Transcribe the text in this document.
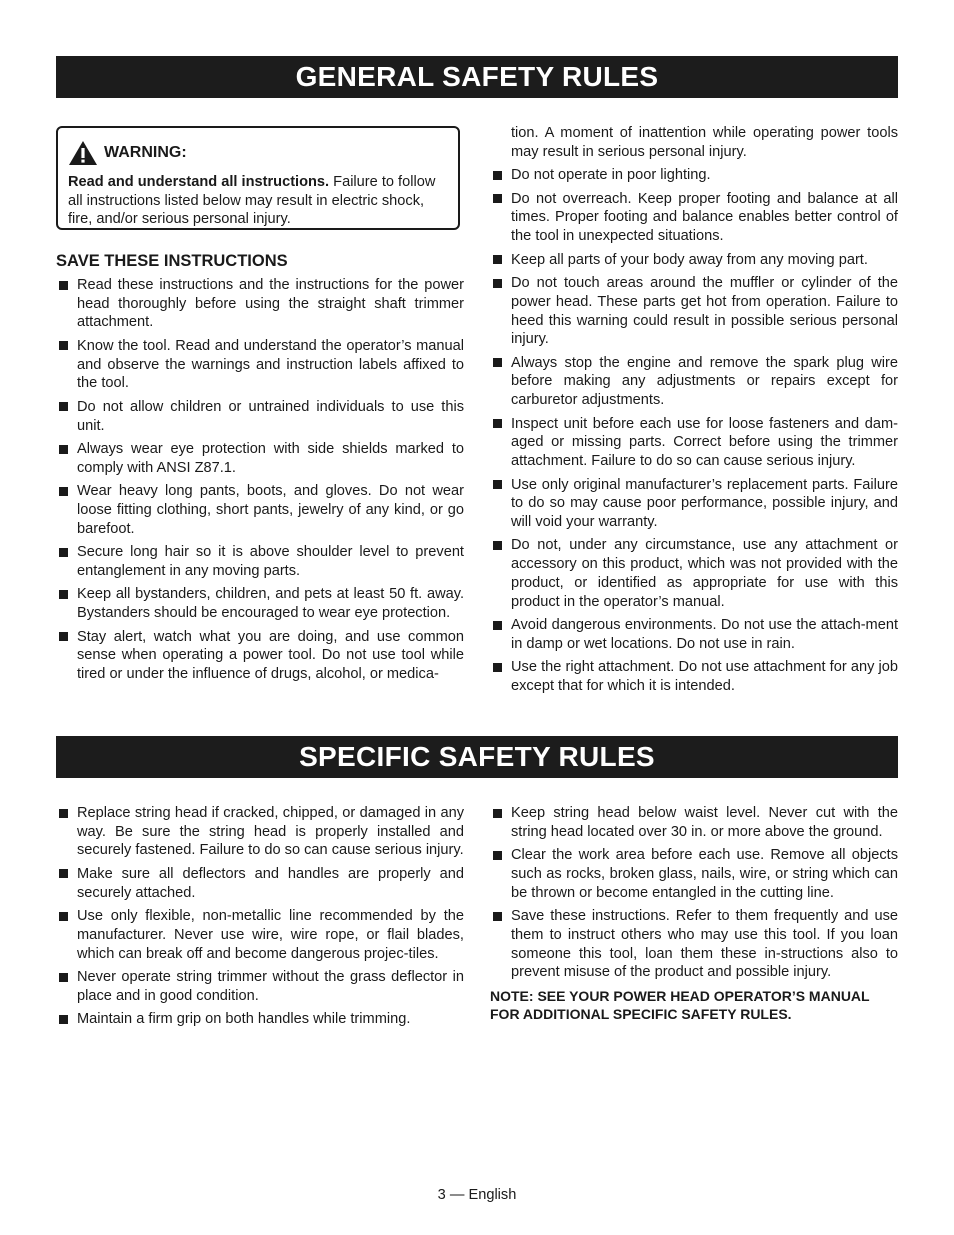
GENERAL SAFETY RULES
WARNING:
Read and understand all instructions. Failure to follow all instructions listed below may result in electric shock, fire, and/or serious personal injury.
SAVE THESE INSTRUCTIONS
Read these instructions and the instructions for the power head thoroughly before using the straight shaft trimmer attachment.
Know the tool. Read and understand the operator’s manual and observe the warnings and instruction labels affixed to the tool.
Do not allow children or untrained individuals to use this unit.
Always wear eye protection with side shields marked to comply with ANSI Z87.1.
Wear heavy long pants, boots, and gloves. Do not wear loose fitting clothing, short pants, jewelry of any kind, or go barefoot.
Secure long hair so it is above shoulder level to prevent entanglement in any moving parts.
Keep all bystanders, children, and pets at least 50 ft. away. Bystanders should be encouraged to wear eye protection.
Stay alert, watch what you are doing, and use common sense when operating a power tool. Do not use tool while tired or under the influence of drugs, alcohol, or medica-
tion. A moment of inattention while operating power tools may result in serious personal injury.
Do not operate in poor lighting.
Do not overreach. Keep proper footing and balance at all times. Proper footing and balance enables better control of the tool in unexpected situations.
Keep all parts of your body away from any moving part.
Do not touch areas around the muffler or cylinder of the power head. These parts get hot from operation. Failure to heed this warning could result in possible serious personal injury.
Always stop the engine and remove the spark plug wire before making any adjustments or repairs except for carburetor adjustments.
Inspect unit before each use for loose fasteners and dam-aged or missing parts. Correct before using the trimmer attachment. Failure to do so can cause serious injury.
Use only original manufacturer’s replacement parts. Failure to do so may cause poor performance, possible injury, and will void your warranty.
Do not, under any circumstance, use any attachment or accessory on this product, which was not provided with the product, or identified as appropriate for use with this product in the operator’s manual.
Avoid dangerous environments. Do not use the attach-ment in damp or wet locations. Do not use in rain.
Use the right attachment. Do not use attachment for any job except that for which it is intended.
SPECIFIC SAFETY RULES
Replace string head if cracked, chipped, or damaged in any way. Be sure the string head is properly installed and securely fastened. Failure to do so can cause serious injury.
Make sure all deflectors and handles are properly and securely attached.
Use only flexible, non-metallic line recommended by the manufacturer. Never use wire, wire rope, or flail blades, which can break off and become dangerous projec-tiles.
Never operate string trimmer without the grass deflector in place and in good condition.
Maintain a firm grip on both handles while trimming.
Keep string head below waist level. Never cut with the string head located over 30 in. or more above the ground.
Clear the work area before each use. Remove all objects such as rocks, broken glass, nails, wire, or string which can be thrown or become entangled in the cutting line.
Save these instructions. Refer to them frequently and use them to instruct others who may use this tool. If you loan someone this tool, loan them these in-structions also to prevent misuse of the product and possible injury.
NOTE: SEE YOUR POWER HEAD OPERATOR’S MANUAL FOR ADDITIONAL SPECIFIC SAFETY RULES.
3 — English
